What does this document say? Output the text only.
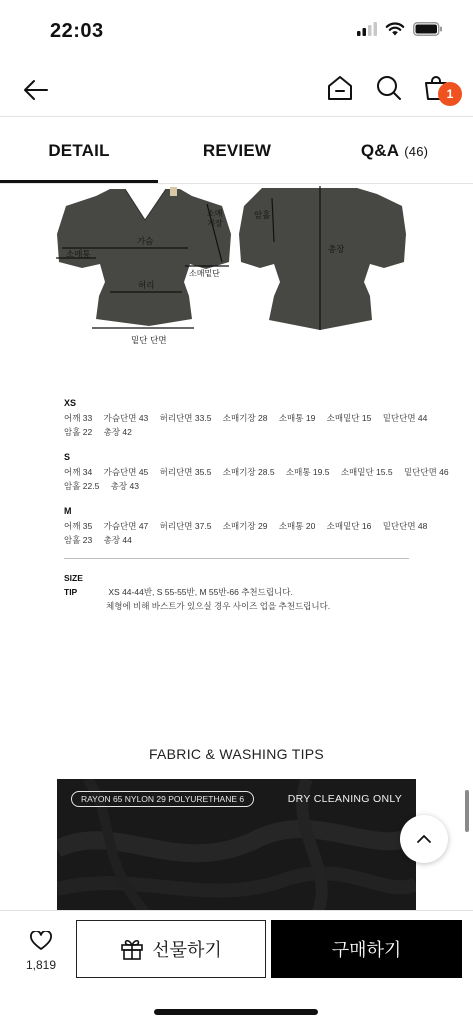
22:03
1
DETAIL	REVIEW	Q&A (46)
가슴
소매통
허리
소매 기장
소매밑단
밑단 단면
암홀
총장
XS
어깨 33 가슴단면 43 허리단면 33.5 소매기장 28 소매통 19 소매밑단 15 밑단단면 44
암홀 22 총장 42
S
어깨 34 가슴단면 45 허리단면 35.5 소매기장 28.5 소매통 19.5 소매밑단 15.5 밑단단면 46
암홀 22.5 총장 43
M
어깨 35 가슴단면 47 허리단면 37.5 소매기장 29 소매통 20 소매밑단 16 밑단단면 48
암홀 23 총장 44
SIZE TIP	XS 44-44반, S 55-55반, M 55반-66 추천드립니다.
체형에 비해 바스트가 있으실 경우 사이즈 업을 추천드립니다.
FABRIC & WASHING TIPS
RAYON 65 NYLON 29 POLYURETHANE 6	DRY CLEANING ONLY
1,819
선물하기	구매하기
